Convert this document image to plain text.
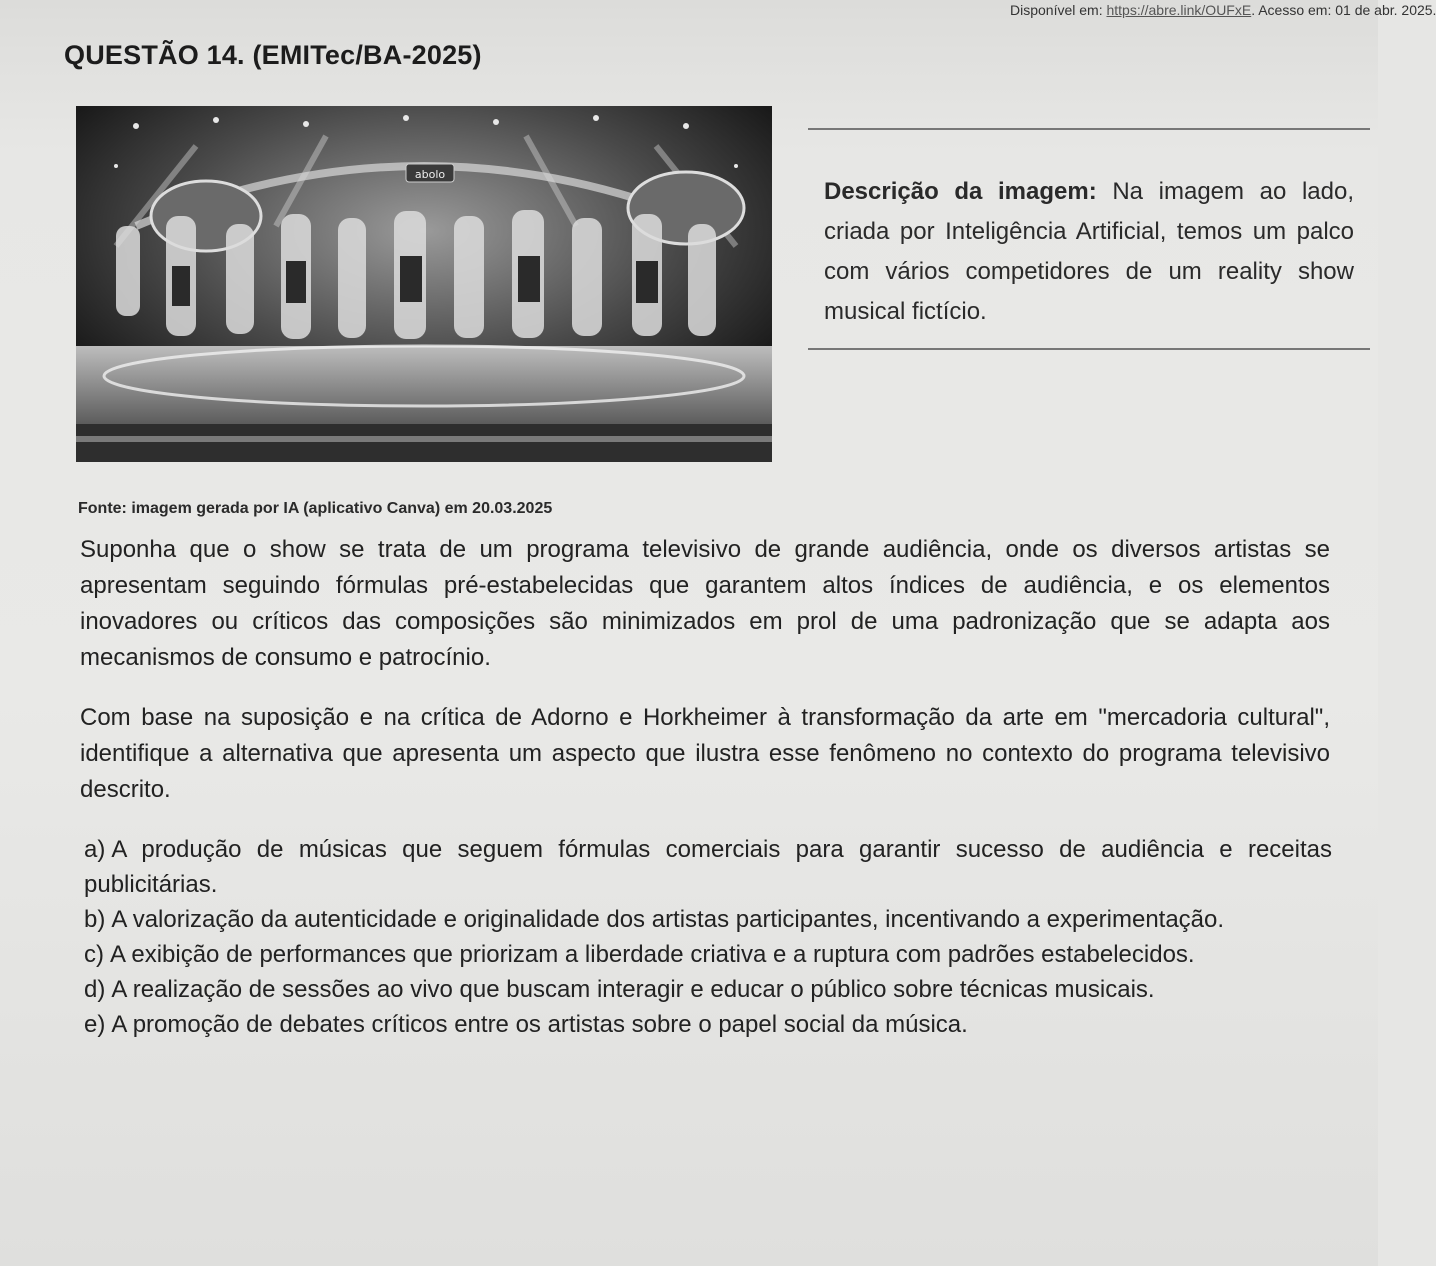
Disponível em: https://abre.link/OUFxE. Acesso em: 01 de abr. 2025.
QUESTÃO 14. (EMITec/BA-2025)
abolo
Descrição da imagem: Na imagem ao lado, criada por Inteligência Artificial, temos um palco com vários competidores de um reality show musical fictício.
Fonte: imagem gerada por IA (aplicativo Canva) em 20.03.2025
Suponha que o show se trata de um programa televisivo de grande audiência, onde os diversos artistas se apresentam seguindo fórmulas pré-estabelecidas que garantem altos índices de audiência, e os elementos inovadores ou críticos das composições são minimizados em prol de uma padronização que se adapta aos mecanismos de consumo e patrocínio.
Com base na suposição e na crítica de Adorno e Horkheimer à transformação da arte em "mercadoria cultural", identifique a alternativa que apresenta um aspecto que ilustra esse fenômeno no contexto do programa televisivo descrito.
a) A produção de músicas que seguem fórmulas comerciais para garantir sucesso de audiência e receitas publicitárias.
b) A valorização da autenticidade e originalidade dos artistas participantes, incentivando a experimentação.
c) A exibição de performances que priorizam a liberdade criativa e a ruptura com padrões estabelecidos.
d) A realização de sessões ao vivo que buscam interagir e educar o público sobre técnicas musicais.
e) A promoção de debates críticos entre os artistas sobre o papel social da música.
